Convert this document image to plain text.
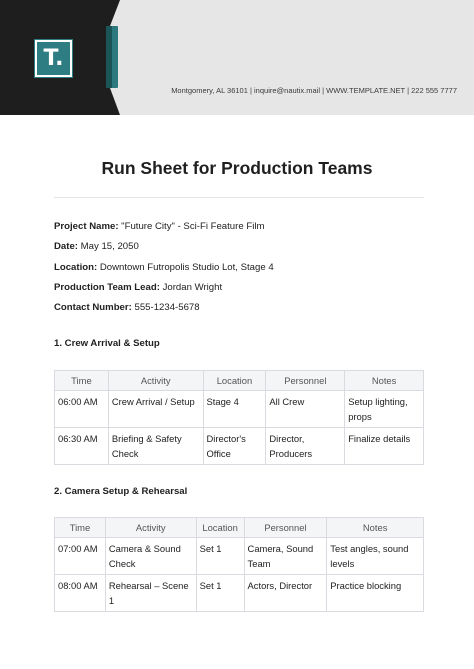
T.
Montgomery, AL 36101 | inquire@nautix.mail | WWW.TEMPLATE.NET | 222 555 7777
Run Sheet for Production Teams
Project Name: "Future City" - Sci-Fi Feature Film
Date: May 15, 2050
Location: Downtown Futropolis Studio Lot, Stage 4
Production Team Lead: Jordan Wright
Contact Number: 555-1234-5678
1. Crew Arrival & Setup
Time	Activity	Location	Personnel	Notes
06:00 AM	Crew Arrival / Setup	Stage 4	All Crew	Setup lighting, props
06:30 AM	Briefing & Safety Check	Director's Office	Director, Producers	Finalize details
2. Camera Setup & Rehearsal
Time	Activity	Location	Personnel	Notes
07:00 AM	Camera & Sound Check	Set 1	Camera, Sound Team	Test angles, sound levels
08:00 AM	Rehearsal – Scene 1	Set 1	Actors, Director	Practice blocking
